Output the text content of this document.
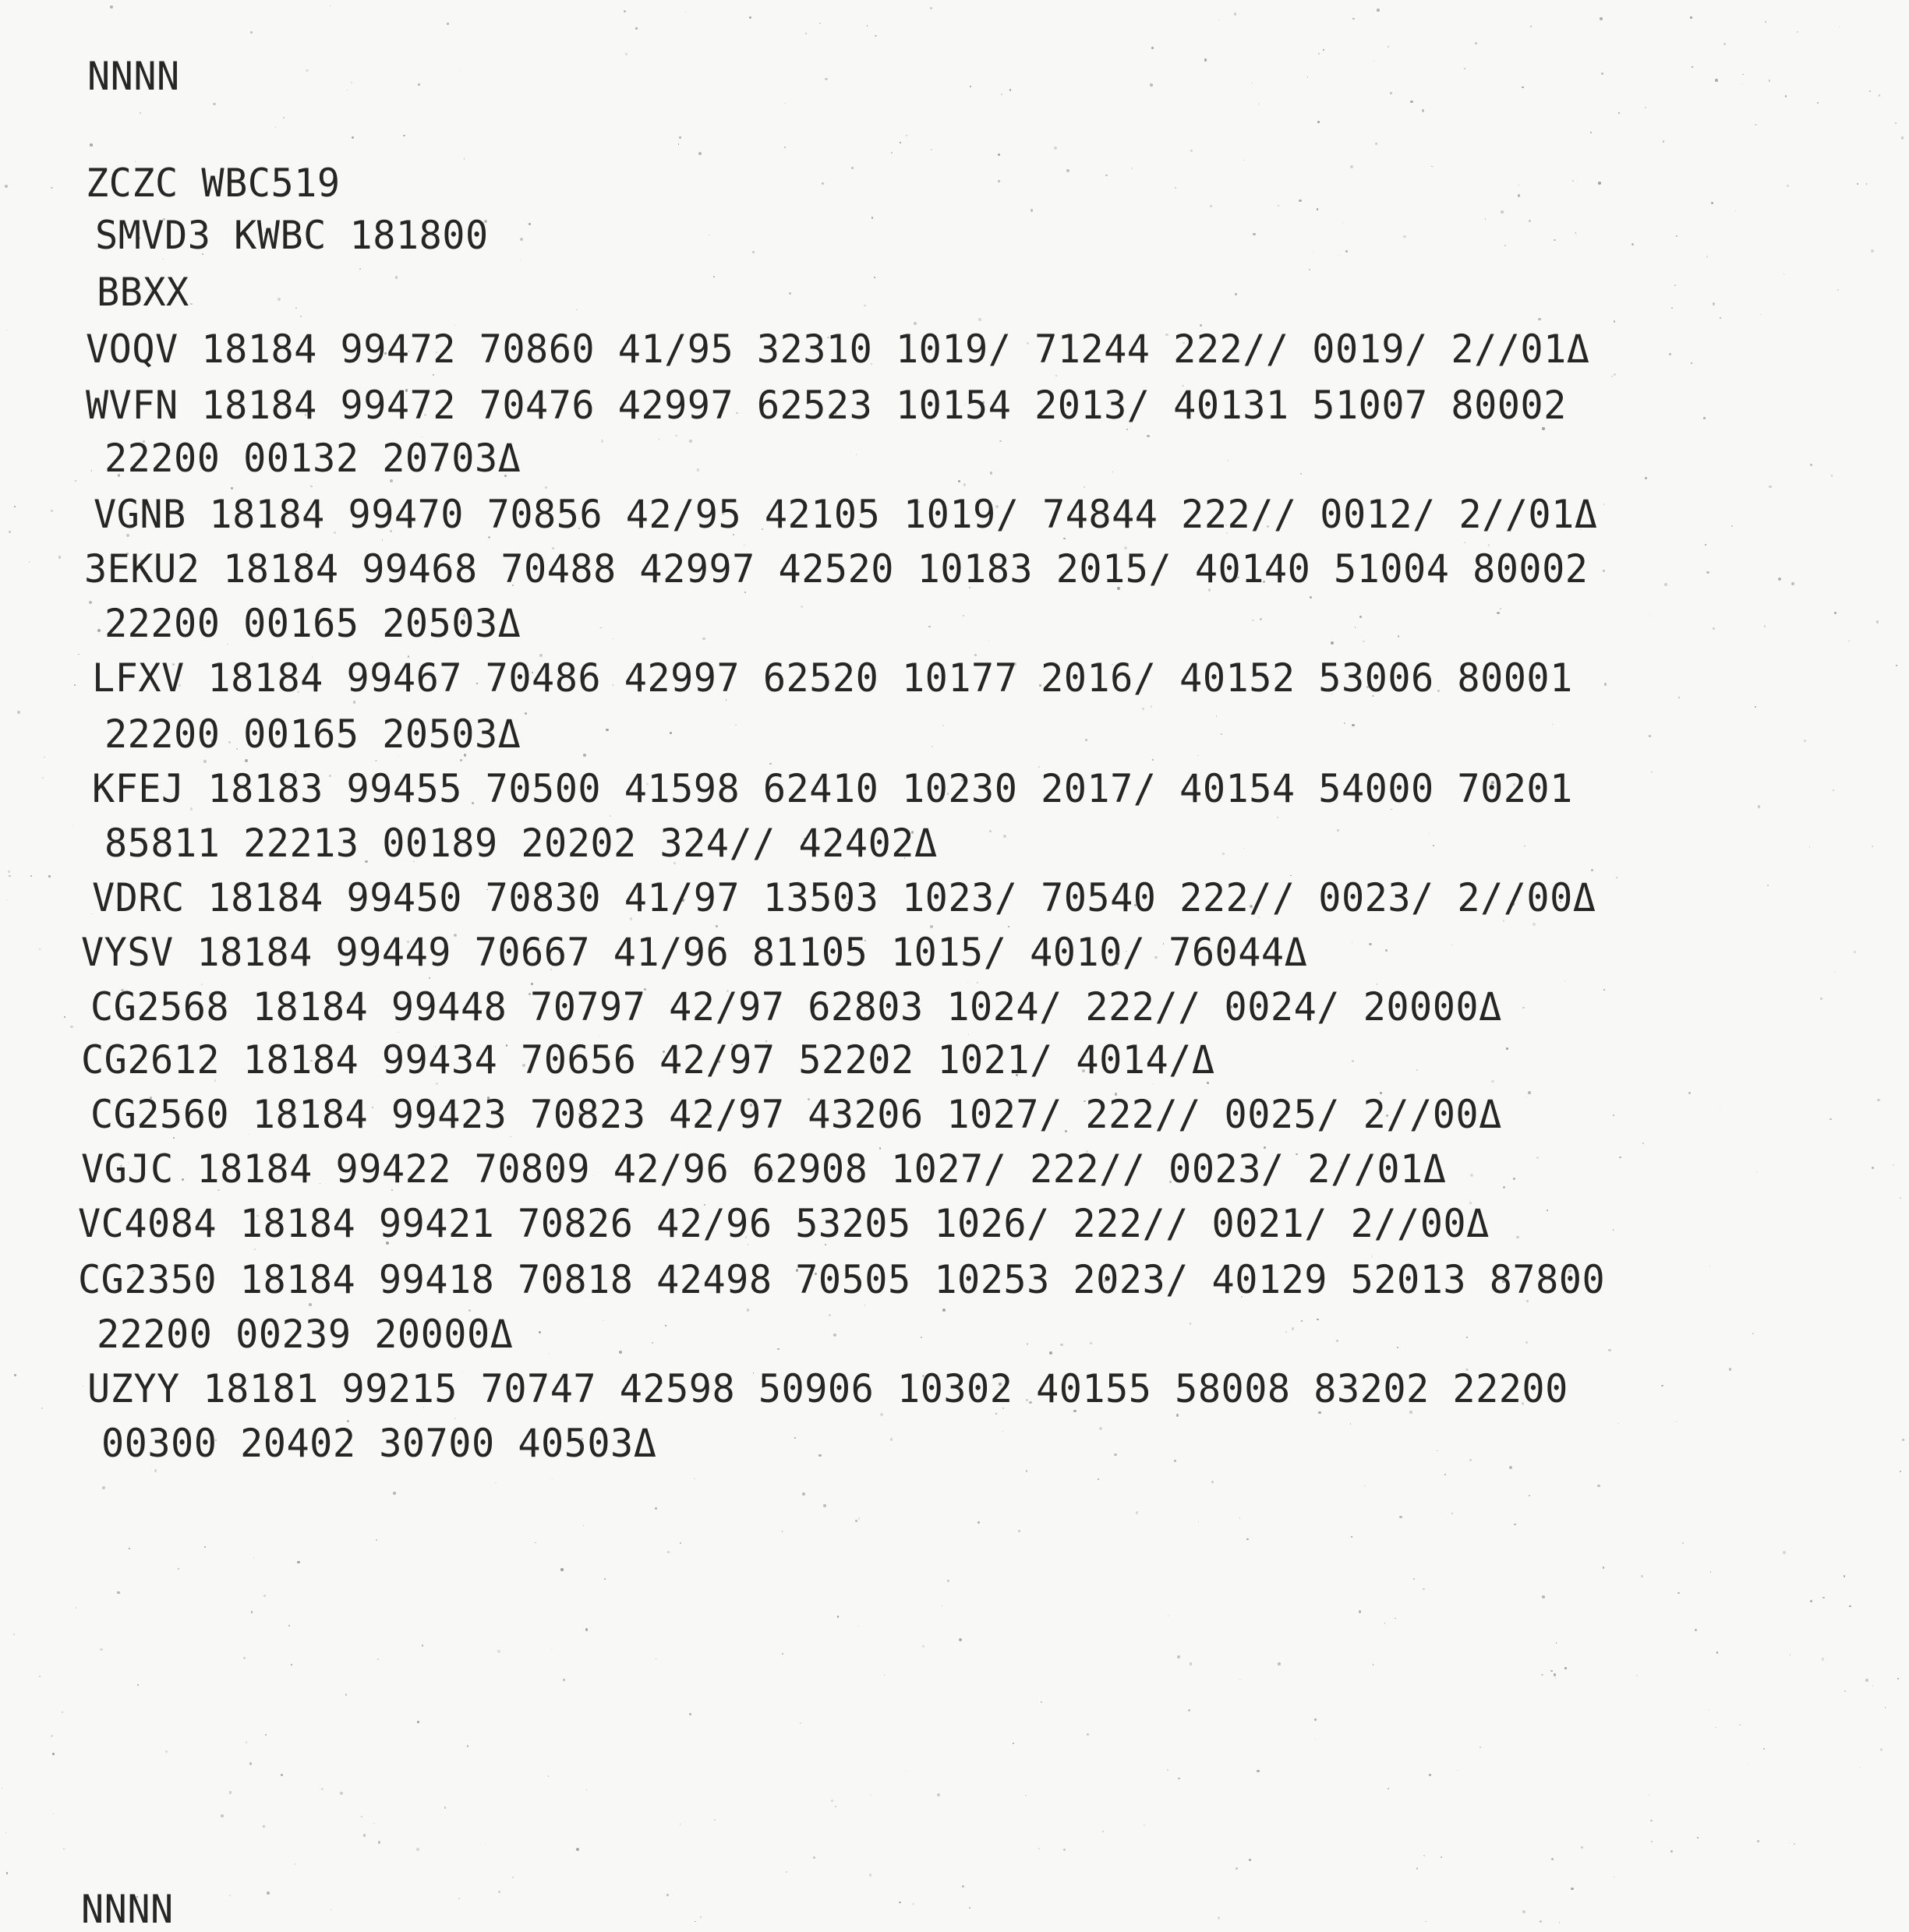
NNNN

ZCZC WBC519

SMVD3 KWBC 181800

BBXX

VOQV 18184 99472 70860 41/95 32310 1019/ 71244 222// 0019/ 2//01Δ

WVFN 18184 99472 70476 42997 62523 10154 2013/ 40131 51007 80002

22200 00132 20703Δ

VGNB 18184 99470 70856 42/95 42105 1019/ 74844 222// 0012/ 2//01Δ

3EKU2 18184 99468 70488 42997 42520 10183 2015/ 40140 51004 80002

22200 00165 20503Δ

LFXV 18184 99467 70486 42997 62520 10177 2016/ 40152 53006 80001

22200 00165 20503Δ

KFEJ 18183 99455 70500 41598 62410 10230 2017/ 40154 54000 70201

85811 22213 00189 20202 324// 42402Δ

VDRC 18184 99450 70830 41/97 13503 1023/ 70540 222// 0023/ 2//00Δ

VYSV 18184 99449 70667 41/96 81105 1015/ 4010/ 76044Δ

CG2568 18184 99448 70797 42/97 62803 1024/ 222// 0024/ 20000Δ

CG2612 18184 99434 70656 42/97 52202 1021/ 4014/Δ

CG2560 18184 99423 70823 42/97 43206 1027/ 222// 0025/ 2//00Δ

VGJC 18184 99422 70809 42/96 62908 1027/ 222// 0023/ 2//01Δ

VC4084 18184 99421 70826 42/96 53205 1026/ 222// 0021/ 2//00Δ

CG2350 18184 99418 70818 42498 70505 10253 2023/ 40129 52013 87800

22200 00239 20000Δ

UZYY 18181 99215 70747 42598 50906 10302 40155 58008 83202 22200

00300 20402 30700 40503Δ

NNNN
